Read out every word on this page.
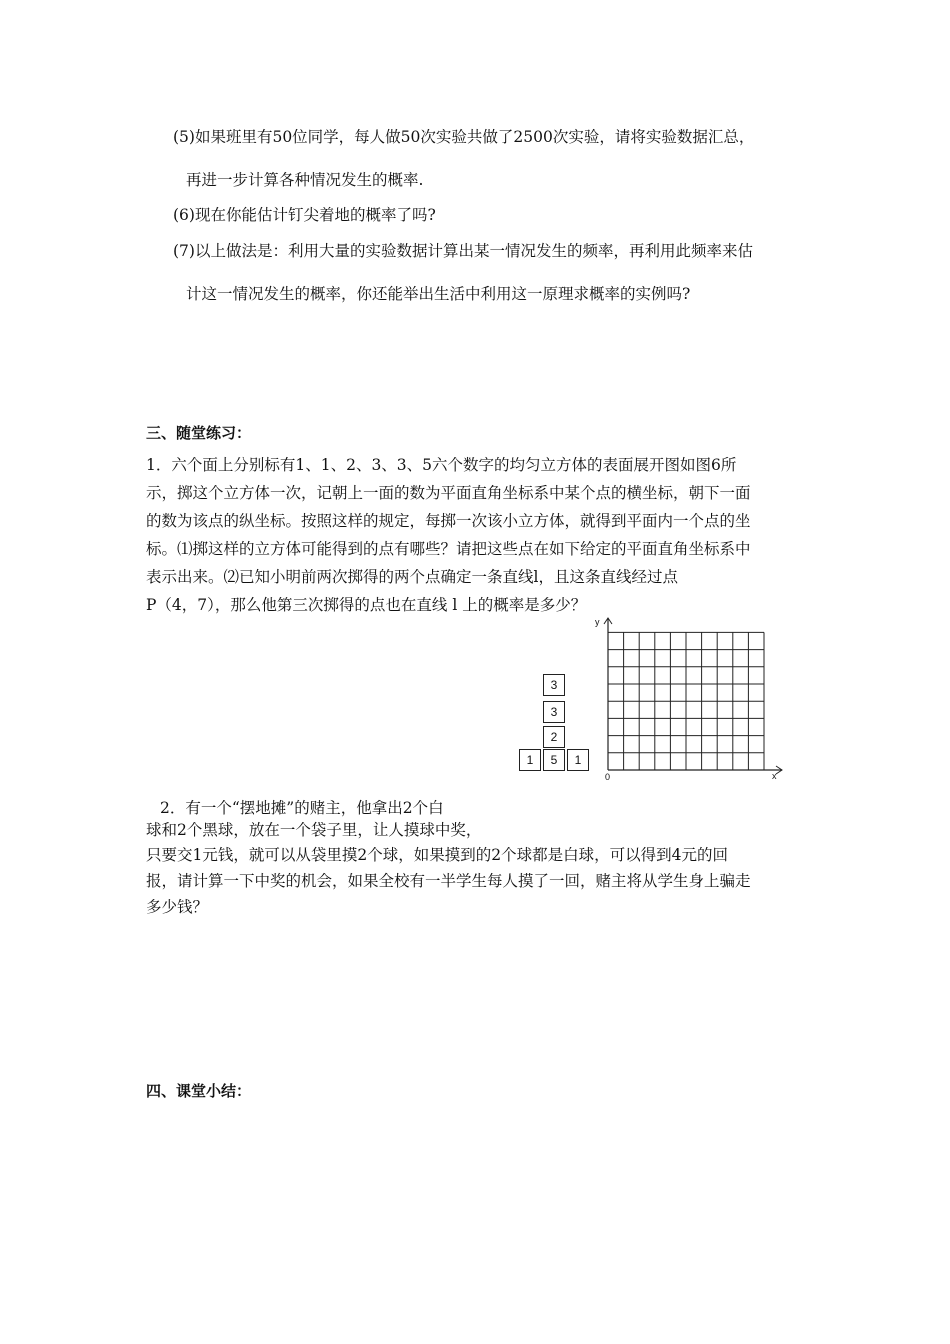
(5)如果班里有50位同学，每人做50次实验共做了2500次实验，请将实验数据汇总，
再进一步计算各种情况发生的概率.
(6)现在你能估计钉尖着地的概率了吗?
(7)以上做法是：利用大量的实验数据计算出某一情况发生的频率，再利用此频率来估
计这一情况发生的概率，你还能举出生活中利用这一原理求概率的实例吗?
三、随堂练习：
1．六个面上分别标有1、1、2、3、3、5六个数字的均匀立方体的表面展开图如图6所
示，掷这个立方体一次，记朝上一面的数为平面直角坐标系中某个点的横坐标，朝下一面
的数为该点的纵坐标。按照这样的规定，每掷一次该小立方体，就得到平面内一个点的坐
标。⑴掷这样的立方体可能得到的点有哪些？请把这些点在如下给定的平面直角坐标系中
表示出来。⑵已知小明前两次掷得的两个点确定一条直线l，且这条直线经过点
P（4，7），那么他第三次掷得的点也在直线 l 上的概率是多少？
3
3
2
1	5	1
y
x
0
2．有一个“摆地摊”的赌主，他拿出2个白
球和2个黑球，放在一个袋子里，让人摸球中奖，
只要交1元钱，就可以从袋里摸2个球，如果摸到的2个球都是白球，可以得到4元的回
报，请计算一下中奖的机会，如果全校有一半学生每人摸了一回，赌主将从学生身上骗走
多少钱？
四、课堂小结：
